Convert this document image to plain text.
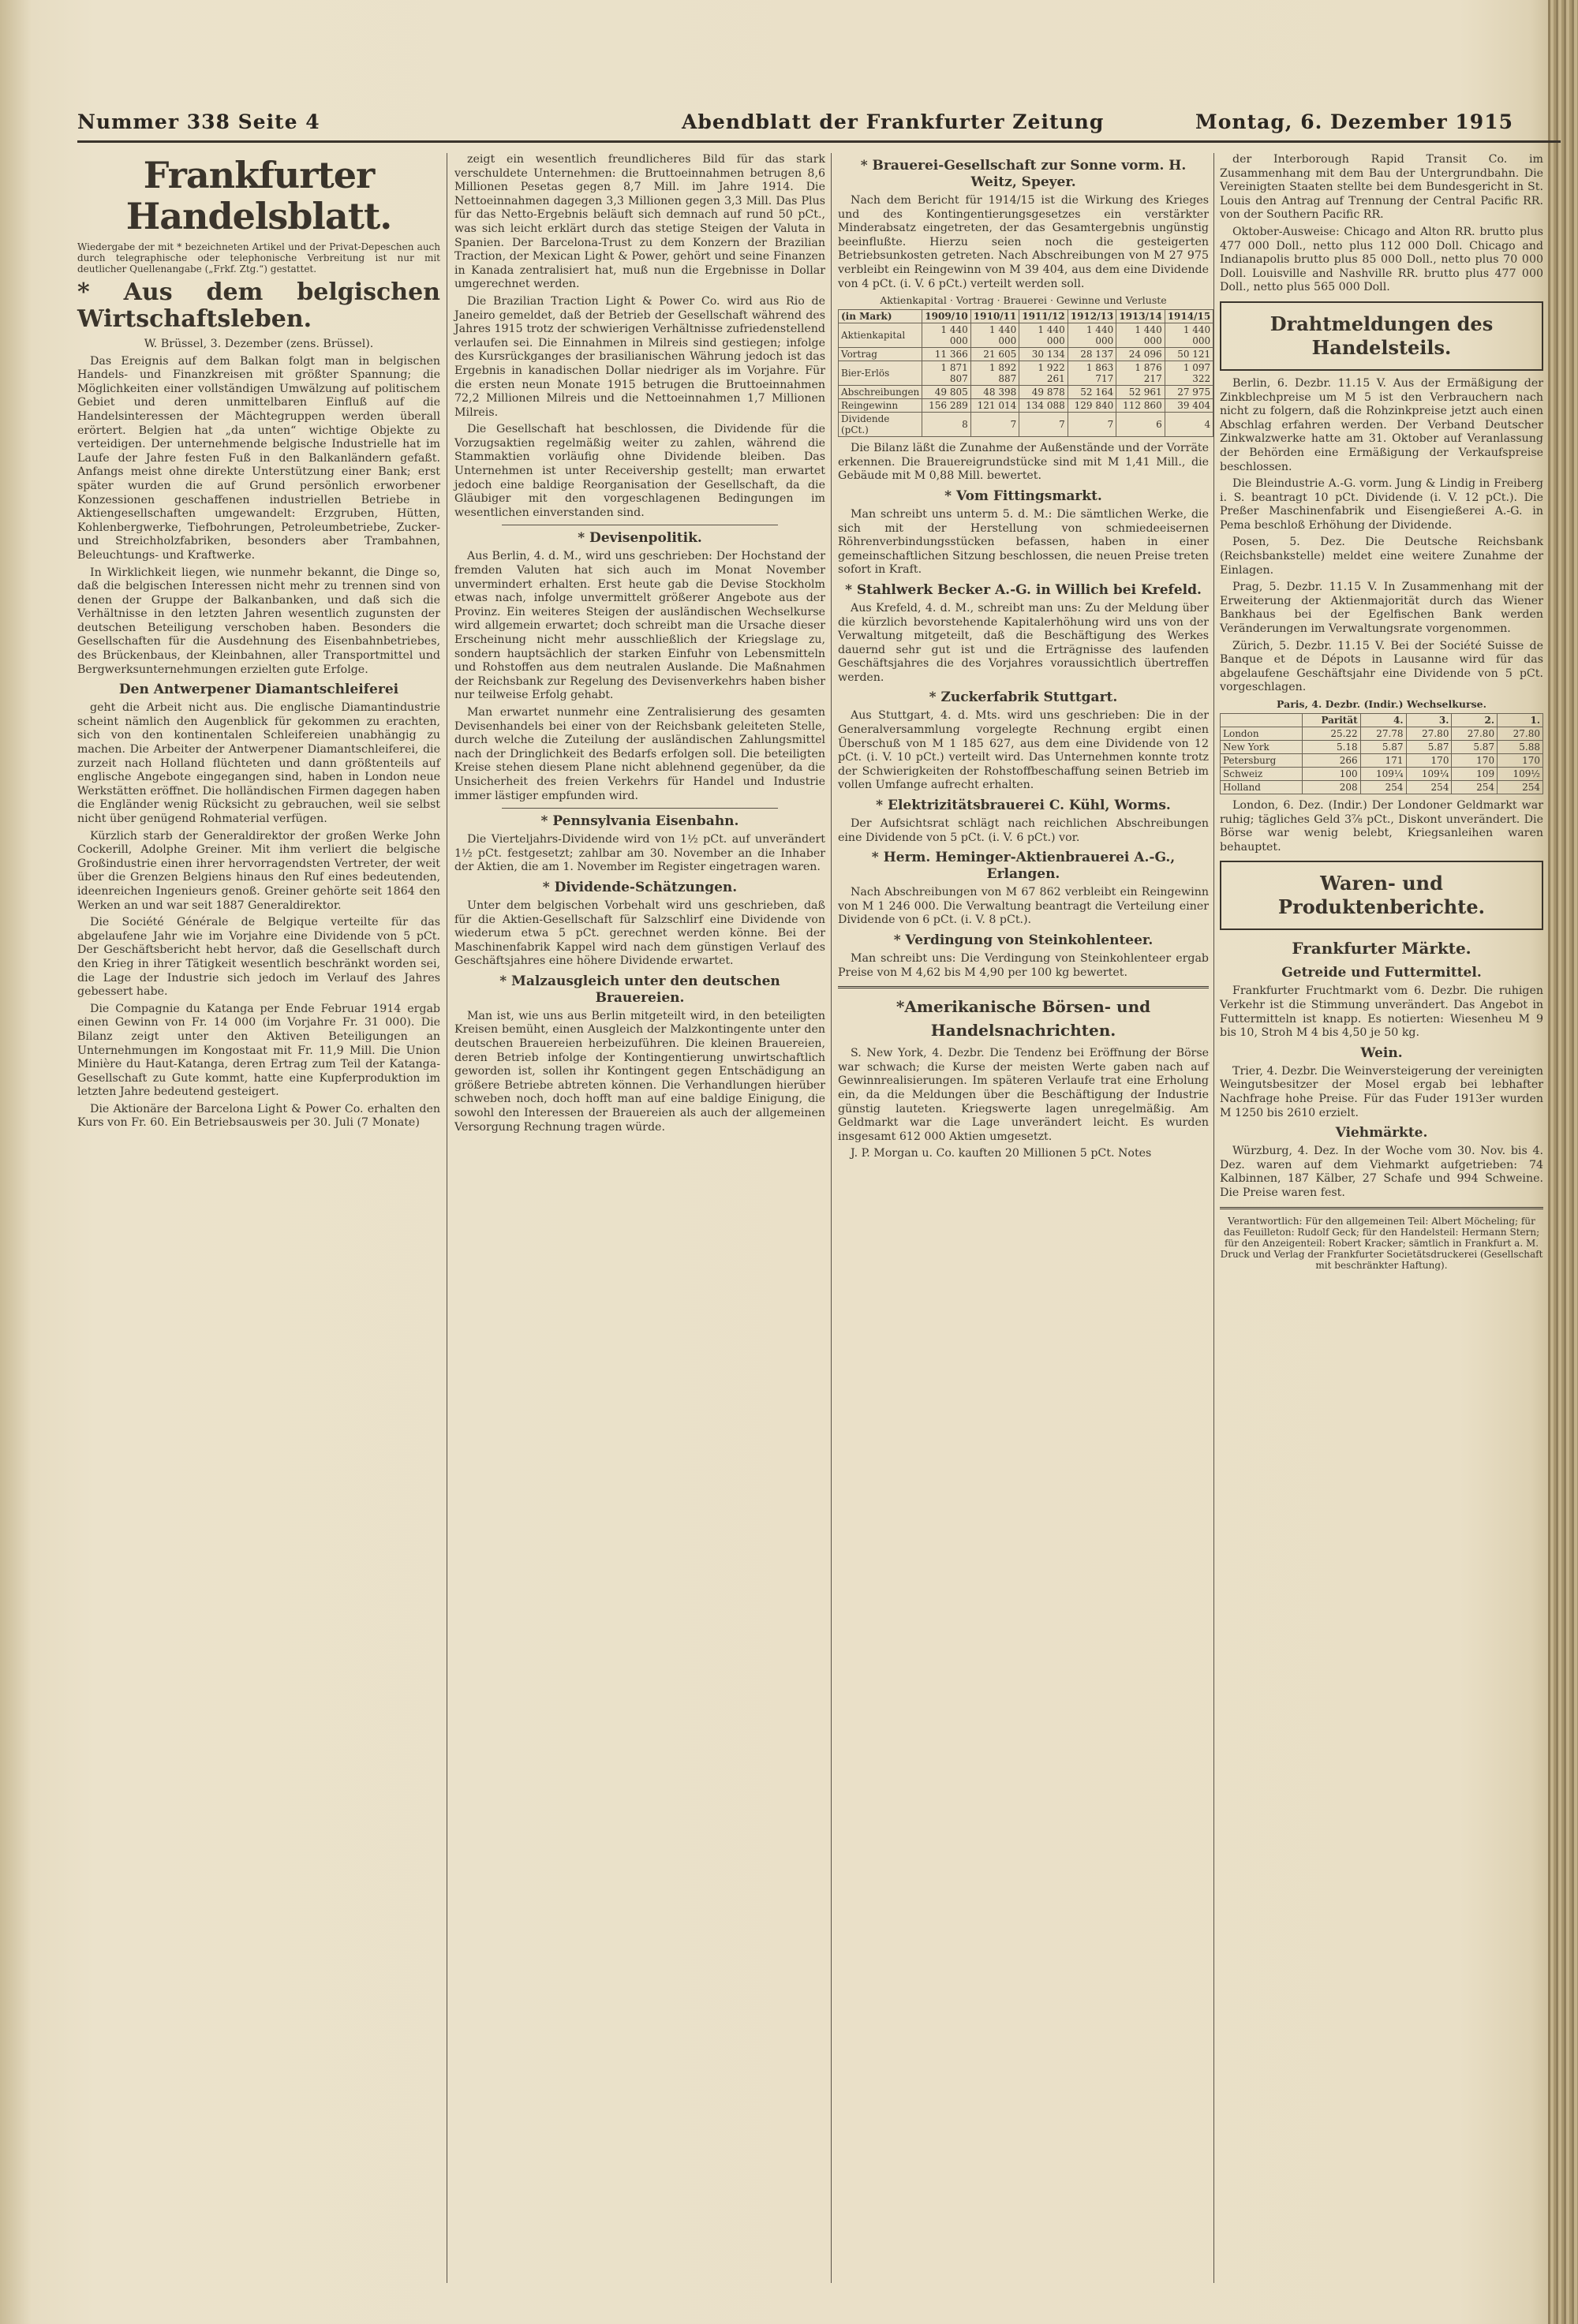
Nummer 338 Seite 4	Abendblatt der Frankfurter Zeitung	Montag, 6. Dezember 1915
Frankfurter Handelsblatt.
Wiedergabe der mit * bezeichneten Artikel und der Privat-Depeschen auch durch telegraphische oder telephonische Verbreitung ist nur mit deutlicher Quellenangabe („Frkf. Ztg.“) gestattet.
* Aus dem belgischen Wirtschaftsleben.

W. Brüssel, 3. Dezember (zens. Brüssel).

Das Ereignis auf dem Balkan folgt man in belgischen Handels- und Finanzkreisen mit größter Spannung; die Möglichkeiten einer vollständigen Umwälzung auf politischem Gebiet und deren unmittelbaren Einfluß auf die Handelsinteressen der Mächtegruppen werden überall erörtert. Belgien hat „da unten“ wichtige Objekte zu verteidigen. Der unternehmende belgische Industrielle hat im Laufe der Jahre festen Fuß in den Balkanländern gefaßt. Anfangs meist ohne direkte Unterstützung einer Bank; erst später wurden die auf Grund persönlich erworbener Konzessionen geschaffenen industriellen Betriebe in Aktiengesellschaften umgewandelt: Erzgruben, Hütten, Kohlenbergwerke, Tiefbohrungen, Petroleumbetriebe, Zucker- und Streichholzfabriken, besonders aber Trambahnen, Beleuchtungs- und Kraftwerke.

In Wirklichkeit liegen, wie nunmehr bekannt, die Dinge so, daß die belgischen Interessen nicht mehr zu trennen sind von denen der Gruppe der Balkanbanken, und daß sich die Verhältnisse in den letzten Jahren wesentlich zugunsten der deutschen Beteiligung verschoben haben. Besonders die Gesellschaften für die Ausdehnung des Eisenbahnbetriebes, des Brückenbaus, der Kleinbahnen, aller Transportmittel und Bergwerksunternehmungen erzielten gute Erfolge.

Den Antwerpener Diamantschleiferei

geht die Arbeit nicht aus. Die englische Diamantindustrie scheint nämlich den Augenblick für gekommen zu erachten, sich von den kontinentalen Schleifereien unabhängig zu machen. Die Arbeiter der Antwerpener Diamantschleiferei, die zurzeit nach Holland flüchteten und dann größtenteils auf englische Angebote eingegangen sind, haben in London neue Werkstätten eröffnet. Die holländischen Firmen dagegen haben die Engländer wenig Rücksicht zu gebrauchen, weil sie selbst nicht über genügend Rohmaterial verfügen.

Kürzlich starb der Generaldirektor der großen Werke John Cockerill, Adolphe Greiner. Mit ihm verliert die belgische Großindustrie einen ihrer hervorragendsten Vertreter, der weit über die Grenzen Belgiens hinaus den Ruf eines bedeutenden, ideenreichen Ingenieurs genoß. Greiner gehörte seit 1864 den Werken an und war seit 1887 Generaldirektor.

Die Société Générale de Belgique verteilte für das abgelaufene Jahr wie im Vorjahre eine Dividende von 5 pCt. Der Geschäftsbericht hebt hervor, daß die Gesellschaft durch den Krieg in ihrer Tätigkeit wesentlich beschränkt worden sei, die Lage der Industrie sich jedoch im Verlauf des Jahres gebessert habe.

Die Compagnie du Katanga per Ende Februar 1914 ergab einen Gewinn von Fr. 14 000 (im Vorjahre Fr. 31 000). Die Bilanz zeigt unter den Aktiven Beteiligungen an Unternehmungen im Kongostaat mit Fr. 11,9 Mill. Die Union Minière du Haut-Katanga, deren Ertrag zum Teil der Katanga-Gesellschaft zu Gute kommt, hatte eine Kupferproduktion im letzten Jahre bedeutend gesteigert.

Die Aktionäre der Barcelona Light & Power Co. erhalten den Kurs von Fr. 60. Ein Betriebsausweis per 30. Juli (7 Monate)

zeigt ein wesentlich freundlicheres Bild für das stark verschuldete Unternehmen: die Bruttoeinnahmen betrugen 8,6 Millionen Pesetas gegen 8,7 Mill. im Jahre 1914. Die Nettoeinnahmen dagegen 3,3 Millionen gegen 3,3 Mill. Das Plus für das Netto-Ergebnis beläuft sich demnach auf rund 50 pCt., was sich leicht erklärt durch das stetige Steigen der Valuta in Spanien. Der Barcelona-Trust zu dem Konzern der Brazilian Traction, der Mexican Light & Power, gehört und seine Finanzen in Kanada zentralisiert hat, muß nun die Ergebnisse in Dollar umgerechnet werden.

Die Brazilian Traction Light & Power Co. wird aus Rio de Janeiro gemeldet, daß der Betrieb der Gesellschaft während des Jahres 1915 trotz der schwierigen Verhältnisse zufriedenstellend verlaufen sei. Die Einnahmen in Milreis sind gestiegen; infolge des Kursrückganges der brasilianischen Währung jedoch ist das Ergebnis in kanadischen Dollar niedriger als im Vorjahre. Für die ersten neun Monate 1915 betrugen die Bruttoeinnahmen 72,2 Millionen Milreis und die Nettoeinnahmen 1,7 Millionen Milreis.

Die Gesellschaft hat beschlossen, die Dividende für die Vorzugsaktien regelmäßig weiter zu zahlen, während die Stammaktien vorläufig ohne Dividende bleiben. Das Unternehmen ist unter Receivership gestellt; man erwartet jedoch eine baldige Reorganisation der Gesellschaft, da die Gläubiger mit den vorgeschlagenen Bedingungen im wesentlichen einverstanden sind.

* Devisenpolitik.

Aus Berlin, 4. d. M., wird uns geschrieben: Der Hochstand der fremden Valuten hat sich auch im Monat November unvermindert erhalten. Erst heute gab die Devise Stockholm etwas nach, infolge unvermittelt größerer Angebote aus der Provinz. Ein weiteres Steigen der ausländischen Wechselkurse wird allgemein erwartet; doch schreibt man die Ursache dieser Erscheinung nicht mehr ausschließlich der Kriegslage zu, sondern hauptsächlich der starken Einfuhr von Lebensmitteln und Rohstoffen aus dem neutralen Auslande. Die Maßnahmen der Reichsbank zur Regelung des Devisenverkehrs haben bisher nur teilweise Erfolg gehabt.

Man erwartet nunmehr eine Zentralisierung des gesamten Devisenhandels bei einer von der Reichsbank geleiteten Stelle, durch welche die Zuteilung der ausländischen Zahlungsmittel nach der Dringlichkeit des Bedarfs erfolgen soll. Die beteiligten Kreise stehen diesem Plane nicht ablehnend gegenüber, da die Unsicherheit des freien Verkehrs für Handel und Industrie immer lästiger empfunden wird.

* Pennsylvania Eisenbahn.

Die Vierteljahrs-Dividende wird von 1½ pCt. auf unverändert 1½ pCt. festgesetzt; zahlbar am 30. November an die Inhaber der Aktien, die am 1. November im Register eingetragen waren.

* Dividende-Schätzungen.

Unter dem belgischen Vorbehalt wird uns geschrieben, daß für die Aktien-Gesellschaft für Salzschlirf eine Dividende von wiederum etwa 5 pCt. gerechnet werden könne. Bei der Maschinenfabrik Kappel wird nach dem günstigen Verlauf des Geschäftsjahres eine höhere Dividende erwartet.

* Malzausgleich unter den deutschen Brauereien.

Man ist, wie uns aus Berlin mitgeteilt wird, in den beteiligten Kreisen bemüht, einen Ausgleich der Malzkontingente unter den deutschen Brauereien herbeizuführen. Die kleinen Brauereien, deren Betrieb infolge der Kontingentierung unwirtschaftlich geworden ist, sollen ihr Kontingent gegen Entschädigung an größere Betriebe abtreten können. Die Verhandlungen hierüber schweben noch, doch hofft man auf eine baldige Einigung, die sowohl den Interessen der Brauereien als auch der allgemeinen Versorgung Rechnung tragen würde.

* Brauerei-Gesellschaft zur Sonne vorm. H. Weitz, Speyer.

Nach dem Bericht für 1914/15 ist die Wirkung des Krieges und des Kontingentierungsgesetzes ein verstärkter Minderabsatz eingetreten, der das Gesamtergebnis ungünstig beeinflußte. Hierzu seien noch die gesteigerten Betriebsunkosten getreten. Nach Abschreibungen von M 27 975 verbleibt ein Reingewinn von M 39 404, aus dem eine Dividende von 4 pCt. (i. V. 6 pCt.) verteilt werden soll.

Aktienkapital · Vortrag · Brauerei · Gewinne und Verluste
(in Mark)	1909/10	1910/11	1911/12	1912/13	1913/14	1914/15
Aktienkapital	1 440 000	1 440 000	1 440 000	1 440 000	1 440 000	1 440 000
Vortrag	11 366	21 605	30 134	28 137	24 096	50 121
Bier-Erlös	1 871 807	1 892 887	1 922 261	1 863 717	1 876 217	1 097 322
Abschreibungen	49 805	48 398	49 878	52 164	52 961	27 975
Reingewinn	156 289	121 014	134 088	129 840	112 860	39 404
Dividende (pCt.)	8	7	7	7	6	4

Die Bilanz läßt die Zunahme der Außenstände und der Vorräte erkennen. Die Brauereigrundstücke sind mit M 1,41 Mill., die Gebäude mit M 0,88 Mill. bewertet.

* Vom Fittingsmarkt.

Man schreibt uns unterm 5. d. M.: Die sämtlichen Werke, die sich mit der Herstellung von schmiedeeisernen Röhrenverbindungsstücken befassen, haben in einer gemeinschaftlichen Sitzung beschlossen, die neuen Preise treten sofort in Kraft.

* Stahlwerk Becker A.-G. in Willich bei Krefeld.

Aus Krefeld, 4. d. M., schreibt man uns: Zu der Meldung über die kürzlich bevorstehende Kapitalerhöhung wird uns von der Verwaltung mitgeteilt, daß die Beschäftigung des Werkes dauernd sehr gut ist und die Erträgnisse des laufenden Geschäftsjahres die des Vorjahres voraussichtlich übertreffen werden.

* Zuckerfabrik Stuttgart.

Aus Stuttgart, 4. d. Mts. wird uns geschrieben: Die in der Generalversammlung vorgelegte Rechnung ergibt einen Überschuß von M 1 185 627, aus dem eine Dividende von 12 pCt. (i. V. 10 pCt.) verteilt wird. Das Unternehmen konnte trotz der Schwierigkeiten der Rohstoffbeschaffung seinen Betrieb im vollen Umfange aufrecht erhalten.

* Elektrizitätsbrauerei C. Kühl, Worms.

Der Aufsichtsrat schlägt nach reichlichen Abschreibungen eine Dividende von 5 pCt. (i. V. 6 pCt.) vor.

* Herm. Heminger-Aktienbrauerei A.-G., Erlangen.

Nach Abschreibungen von M 67 862 verbleibt ein Reingewinn von M 1 246 000. Die Verwaltung beantragt die Verteilung einer Dividende von 6 pCt. (i. V. 8 pCt.).

* Verdingung von Steinkohlenteer.

Man schreibt uns: Die Verdingung von Steinkohlenteer ergab Preise von M 4,62 bis M 4,90 per 100 kg bewertet.

*Amerikanische Börsen- und Handelsnachrichten.

S. New York, 4. Dezbr. Die Tendenz bei Eröffnung der Börse war schwach; die Kurse der meisten Werte gaben nach auf Gewinnrealisierungen. Im späteren Verlaufe trat eine Erholung ein, da die Meldungen über die Beschäftigung der Industrie günstig lauteten. Kriegswerte lagen unregelmäßig. Am Geldmarkt war die Lage unverändert leicht. Es wurden insgesamt 612 000 Aktien umgesetzt.

J. P. Morgan u. Co. kauften 20 Millionen 5 pCt. Notes

der Interborough Rapid Transit Co. im Zusammenhang mit dem Bau der Untergrundbahn. Die Vereinigten Staaten stellte bei dem Bundesgericht in St. Louis den Antrag auf Trennung der Central Pacific RR. von der Southern Pacific RR.

Oktober-Ausweise: Chicago and Alton RR. brutto plus 477 000 Doll., netto plus 112 000 Doll. Chicago and Indianapolis brutto plus 85 000 Doll., netto plus 70 000 Doll. Louisville and Nashville RR. brutto plus 477 000 Doll., netto plus 565 000 Doll.

Drahtmeldungen des Handelsteils.

Berlin, 6. Dezbr. 11.15 V. Aus der Ermäßigung der Zinkblechpreise um M 5 ist den Verbrauchern nach nicht zu folgern, daß die Rohzinkpreise jetzt auch einen Abschlag erfahren werden. Der Verband Deutscher Zinkwalzwerke hatte am 31. Oktober auf Veranlassung der Behörden eine Ermäßigung der Verkaufspreise beschlossen.

Die Bleindustrie A.-G. vorm. Jung & Lindig in Freiberg i. S. beantragt 10 pCt. Dividende (i. V. 12 pCt.). Die Preßer Maschinenfabrik und Eisengießerei A.-G. in Pema beschloß Erhöhung der Dividende.

Posen, 5. Dez. Die Deutsche Reichsbank (Reichsbankstelle) meldet eine weitere Zunahme der Einlagen.

Prag, 5. Dezbr. 11.15 V. In Zusammenhang mit der Erweiterung der Aktienmajorität durch das Wiener Bankhaus bei der Egelfischen Bank werden Veränderungen im Verwaltungsrate vorgenommen.

Zürich, 5. Dezbr. 11.15 V. Bei der Société Suisse de Banque et de Dépots in Lausanne wird für das abgelaufene Geschäftsjahr eine Dividende von 5 pCt. vorgeschlagen.

Paris, 4. Dezbr. (Indir.) Wechselkurse.
	Parität	4.	3.	2.	1.
London	25.22	27.78	27.80	27.80	27.80
New York	5.18	5.87	5.87	5.87	5.88
Petersburg	266	171	170	170	170
Schweiz	100	109¼	109¼	109	109½
Holland	208	254	254	254	254

London, 6. Dez. (Indir.) Der Londoner Geldmarkt war ruhig; tägliches Geld 3⅞ pCt., Diskont unverändert. Die Börse war wenig belebt, Kriegsanleihen waren behauptet.

Waren- und Produktenberichte.
Frankfurter Märkte.
Getreide und Futtermittel.

Frankfurter Fruchtmarkt vom 6. Dezbr. Die ruhigen Verkehr ist die Stimmung unverändert. Das Angebot in Futtermitteln ist knapp. Es notierten: Wiesenheu M 9 bis 10, Stroh M 4 bis 4,50 je 50 kg.

Wein.

Trier, 4. Dezbr. Die Weinversteigerung der vereinigten Weingutsbesitzer der Mosel ergab bei lebhafter Nachfrage hohe Preise. Für das Fuder 1913er wurden M 1250 bis 2610 erzielt.

Viehmärkte.

Würzburg, 4. Dez. In der Woche vom 30. Nov. bis 4. Dez. waren auf dem Viehmarkt aufgetrieben: 74 Kalbinnen, 187 Kälber, 27 Schafe und 994 Schweine. Die Preise waren fest.

Verantwortlich: Für den allgemeinen Teil: Albert Möcheling; für das Feuilleton: Rudolf Geck; für den Handelsteil: Hermann Stern; für den Anzeigenteil: Robert Kracker; sämtlich in Frankfurt a. M. Druck und Verlag der Frankfurter Societätsdruckerei (Gesellschaft mit beschränkter Haftung).
